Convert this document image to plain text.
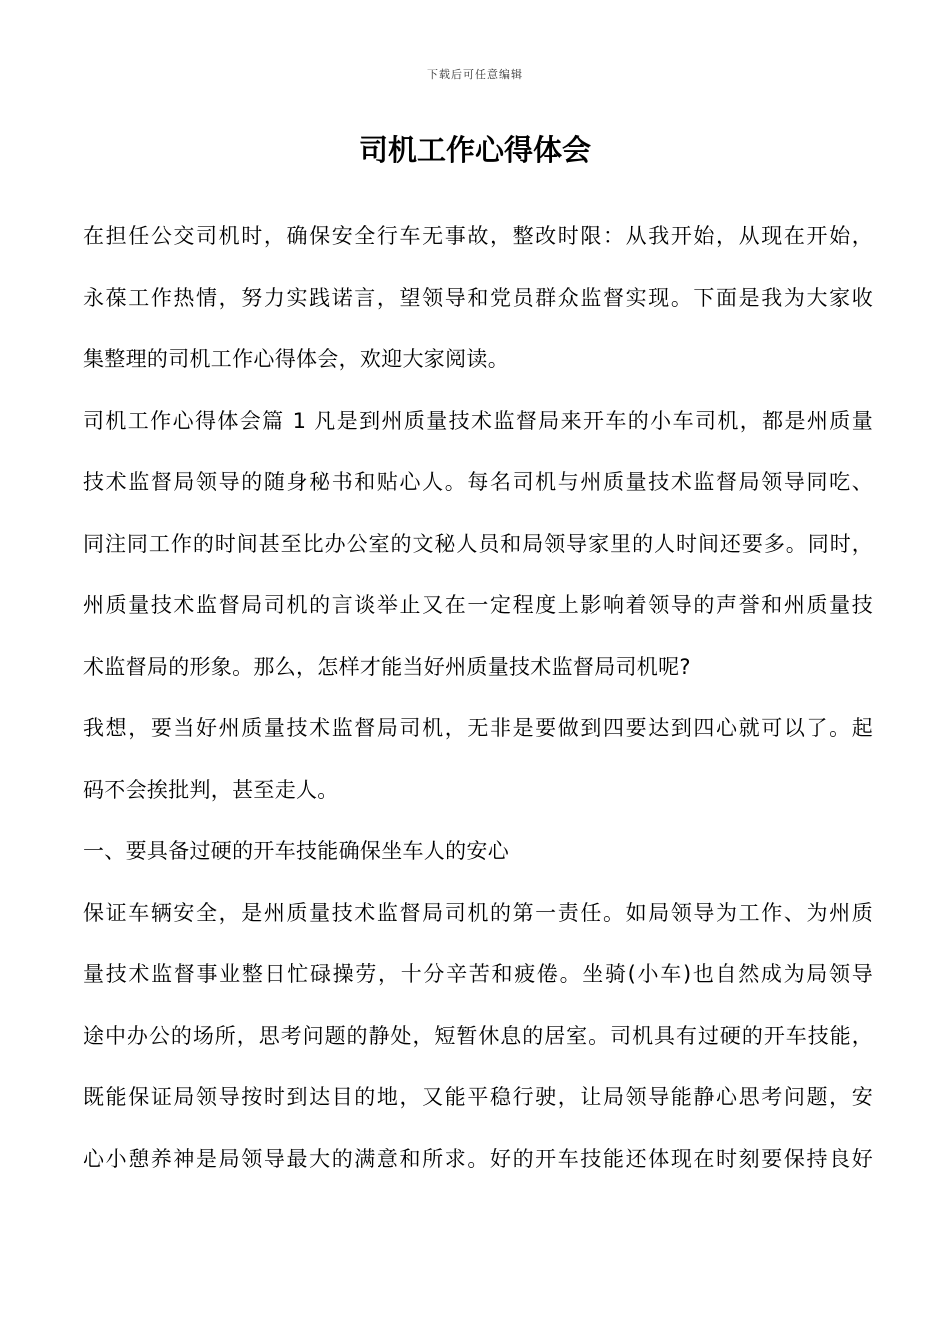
下载后可任意编辑
司机工作心得体会
在担任公交司机时，确保安全行车无事故，整改时限：从我开始，从现在开始，
永葆工作热情，努力实践诺言，望领导和党员群众监督实现。下面是我为大家收
集整理的司机工作心得体会，欢迎大家阅读。
司机工作心得体会篇 1 凡是到州质量技术监督局来开车的小车司机，都是州质量
技术监督局领导的随身秘书和贴心人。每名司机与州质量技术监督局领导同吃、
同注同工作的时间甚至比办公室的文秘人员和局领导家里的人时间还要多。同时，
州质量技术监督局司机的言谈举止又在一定程度上影响着领导的声誉和州质量技
术监督局的形象。那么，怎样才能当好州质量技术监督局司机呢?
我想，要当好州质量技术监督局司机，无非是要做到四要达到四心就可以了。起
码不会挨批判，甚至走人。
一、要具备过硬的开车技能确保坐车人的安心
保证车辆安全，是州质量技术监督局司机的第一责任。如局领导为工作、为州质
量技术监督事业整日忙碌操劳，十分辛苦和疲倦。坐骑(小车)也自然成为局领导
途中办公的场所，思考问题的静处，短暂休息的居室。司机具有过硬的开车技能，
既能保证局领导按时到达目的地，又能平稳行驶，让局领导能静心思考问题，安
心小憩养神是局领导最大的满意和所求。好的开车技能还体现在时刻要保持良好
